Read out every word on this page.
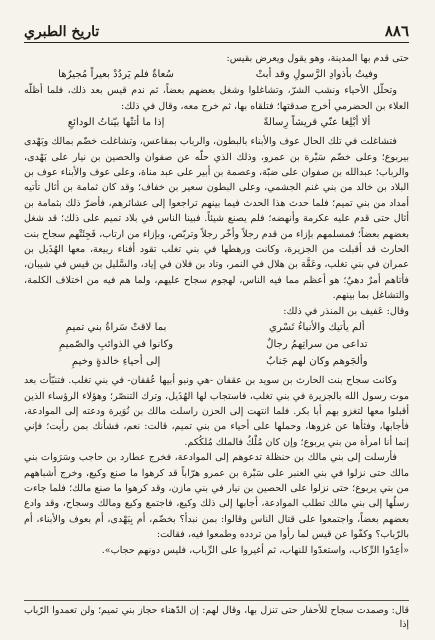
٨٨٦
تاريخ الطبري

حتى قدم بها المدينة، وهو يقول ويعرض بقيس:

وفيتُ بأذوادِ الرَّسولِ وقد أبتْ
سُعاةٌ فلم يَردُدْ بعيراً مُجيرُها

وتحلّل الأحياء ونشب الشرّ، وتشاغلوا وشغل بعضهم بعضاً، ثم ندم قيس بعد ذلك، فلما أظلّه العلاء بن الحضرمي أخرج صدقتها؛ فتلقاه بها، ثم خرج معه، وقال في ذلك:

ألا أبْلِغا عنّي قريشاً رِسالةً
إذا ما أتتْها بيّناتُ الودائعِ

فتشاغلت في تلك الحال عوف والأبناء بالبطون، والرباب بمقاعس، وتشاغلت خضّم بمالك وبَهْدى بيربوع؛ وعلى خضّم سَبْرة بن عمرو، وذلك الذي حلّه عن صفوان والحصين بن نيار على بَهْدى، والرباب؛ عبدالله بن صفوان على ضبّة، وعصمة بن أبير على عبد مناة، وعلى عوف والأبناء عوف بن البلاد بن خالد من بني غنم الجشمي، وعلى البطون سعير بن خفاف؛ وقد كان ثمامة بن أثال تأتيه أمداد من بني تميم؛ فلما حدث هذا الحدث فيما بينهم تراجعوا إلى عشائرهم، فأضرّ ذلك بثمامة بن أثال حتى قدم عليه عكرمة وأنهضه؛ فلم يصنع شيئاً. فبينا الناس في بلاد تميم على ذلك؛ قد شغل بعضهم بعضاً؛ فمسلمهم بإزاء من قدم رجلاً وأخّر رجلاً وتربّص، وبإزاء من ارتاب، فَجِئَتْهم سجاح بنت الحارث قد أقبلت من الجزيرة، وكانت ورهطها في بني تغلب تقود أفناء ربيعة، معها الهُذَيل بن عمران في بني تغلب، وعَقَّة بن هلال في النمر، وتاد بن فلان في إياد، والسَّليل بن قيس في شيبان، فأتاهم أمرٌ دهيٌ؛ هو أعظم مما فيه الناس، لهجوم سجاح عليهم، ولما هم فيه من اختلاف الكلمة، والتشاغل بما بينهم.

وقال: عَفيف بن المنذر في ذلك:

ألم يأتيك والأنباءُ تَسْري
بما لاقتْ سَراةُ بني تميمِ
تداعى من سراتِهمُ رجالٌ
وكانوا في الذوائبِ والصّميمِ
وألجَوهم وكان لهم جَنابٌ
إلى أحياءِ خالدةٍ وخيمِ

وكانت سجاح بنت الحارث بن سويد بن عقفان -هي ونبو أبيها عُقفان- في بني تغلب. فتنبّأت بعد موت رسول الله بالجزيرة في بني تغلب، فاستجاب لها الهُذَيل، وترك التنصّر؛ وهؤلاء الرؤساء الذين أقبلوا معها لتغزو بهم أبا بكر. فلما انتهت إلى الحزن راسلت مالك بن نُوَيرة ودعته إلى الموادعة، فأجابها، وفثأها عن غزوها، وحملها على أحياء من بني تميم، قالت: نعم، فشأنك بمن رأيت؛ فإني إنما أنا امرأة من بني يربوع؛ وإن كان مُلْكٌ فالملك مُلكُكم.

فأرسلت إلى بني مالك بن حنظلة تدعوهم إلى الموادعة، فخرج عطارد بن حاجب وسَرَوات بني مالك حتى نزلوا في بني العنبر على سَبْرة بن عمرو هرّاباً قد كرهوا ما صنع وكيع، وخرج أشباههم من بني يربوع؛ حتى نزلوا على الحصين بن نيار في بني مازن، وقد كرهوا ما صنع مالك؛ فلما جاءت رسلُها إلى بني مالك تطلب الموادعة، أجابها إلى ذلك وكيع، فاجتمع وكيع ومالك وسجاح، وقد وادع بعضهم بعضاً، واجتمعوا على قتال الناس وقالوا: بمن نبدأ؟ بخضّم، أم بِبَهْدى، أم بعوف والأبناء، أم بالرّباب؟ وكفّوا عن قيس لما رأوا من تردده وطمعوا فيه، فقالت:

«أعِدّوا الرِّكاب، واستعدّوا للنهاب، ثم أغيروا على الرِّباب، فليس دونهم حجاب».

قال: وصمدت سجاح للأحفار حتى تنزل بها، وقال لهم: إن الدّهناء حجاز بني تميم؛ ولن تعمدوا الرّباب إذا
